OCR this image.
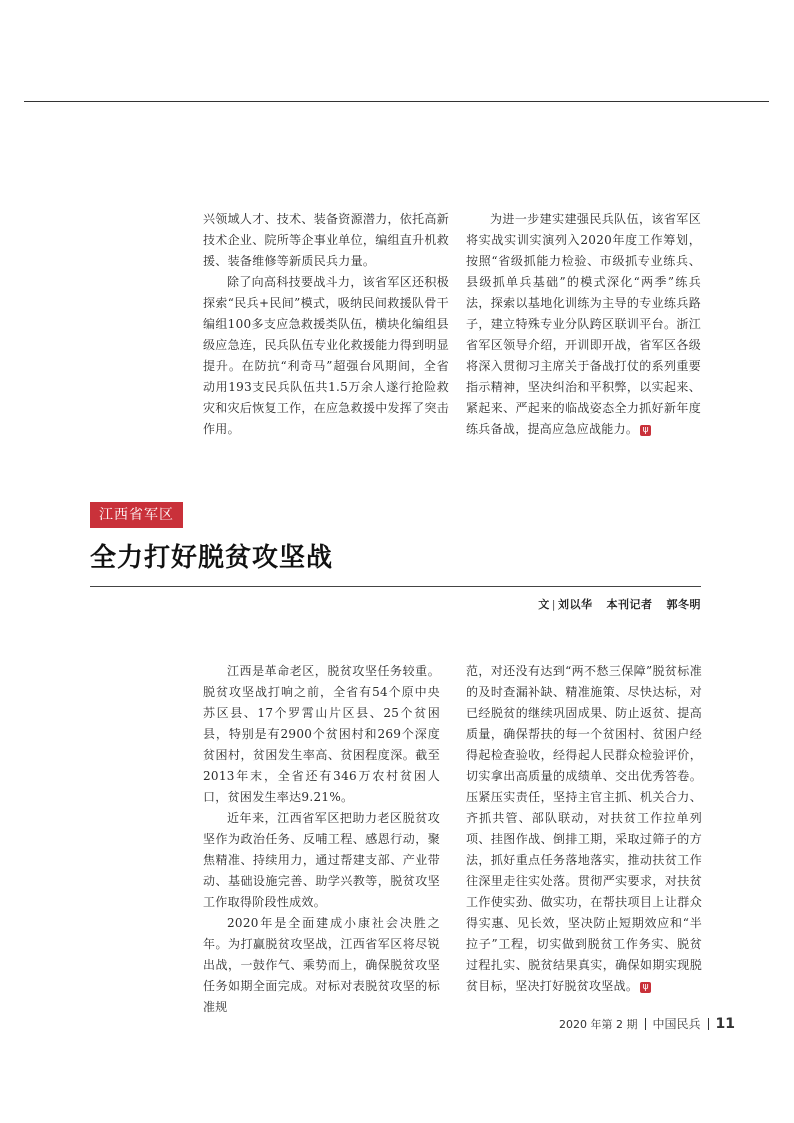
兴领域人才、技术、装备资源潜力，依托高新技术企业、院所等企事业单位，编组直升机救援、装备维修等新质民兵力量。

除了向高科技要战斗力，该省军区还积极探索“民兵+民间”模式，吸纳民间救援队骨干编组100多支应急救援类队伍，横块化编组县级应急连，民兵队伍专业化救援能力得到明显提升。在防抗“利奇马”超强台风期间，全省动用193支民兵队伍共1.5万余人遂行抢险救灾和灾后恢复工作，在应急救援中发挥了突击作用。

为进一步建实建强民兵队伍，该省军区将实战实训实演列入2020年度工作筹划，按照“省级抓能力检验、市级抓专业练兵、县级抓单兵基础”的模式深化“两季”练兵法，探索以基地化训练为主导的专业练兵路子，建立特殊专业分队跨区联训平台。浙江省军区领导介绍，开训即开战，省军区各级将深入贯彻习主席关于备战打仗的系列重要指示精神，坚决纠治和平积弊，以实起来、紧起来、严起来的临战姿态全力抓好新年度练兵备战，提高应急应战能力。 ψ

江西省军区
全力打好脱贫攻坚战
文 | 刘以华 本刊记者 郭冬明

江西是革命老区，脱贫攻坚任务较重。脱贫攻坚战打响之前，全省有54个原中央苏区县、17个罗霄山片区县、25个贫困县，特别是有2900个贫困村和269个深度贫困村，贫困发生率高、贫困程度深。截至2013年末，全省还有346万农村贫困人口，贫困发生率达9.21%。

近年来，江西省军区把助力老区脱贫攻坚作为政治任务、反哺工程、感恩行动，聚焦精准、持续用力，通过帮建支部、产业带动、基础设施完善、助学兴教等，脱贫攻坚工作取得阶段性成效。

2020年是全面建成小康社会决胜之年。为打赢脱贫攻坚战，江西省军区将尽锐出战，一鼓作气、乘势而上，确保脱贫攻坚任务如期全面完成。对标对表脱贫攻坚的标准规

范，对还没有达到“两不愁三保障”脱贫标准的及时查漏补缺、精准施策、尽快达标，对已经脱贫的继续巩固成果、防止返贫、提高质量，确保帮扶的每一个贫困村、贫困户经得起检查验收，经得起人民群众检验评价，切实拿出高质量的成绩单、交出优秀答卷。压紧压实责任，坚持主官主抓、机关合力、齐抓共管、部队联动，对扶贫工作拉单列项、挂图作战、倒排工期，采取过筛子的方法，抓好重点任务落地落实，推动扶贫工作往深里走往实处落。贯彻严实要求，对扶贫工作使实劲、做实功，在帮扶项目上让群众得实惠、见长效，坚决防止短期效应和“半拉子”工程，切实做到脱贫工作务实、脱贫过程扎实、脱贫结果真实，确保如期实现脱贫目标，坚决打好脱贫攻坚战。 ψ

2020 年第 2 期 中国民兵 11
